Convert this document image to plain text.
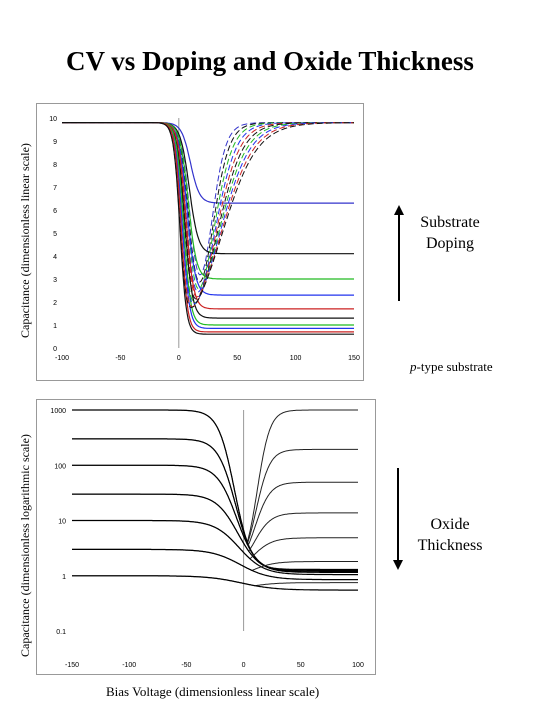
CV vs Doping and Oxide Thickness
0
1
2
3
4
5
6
7
8
9
10
-100	-50	0	50	100	150
Capacitance (dimensionless linear scale)	Substrate Doping
p-type substrate
0.1
1
10
100
1000
-150	-100	-50	0	50	100
Capacitance (dimensionless logarithmic scale)	Oxide Thickness
Bias Voltage (dimensionless linear scale)
